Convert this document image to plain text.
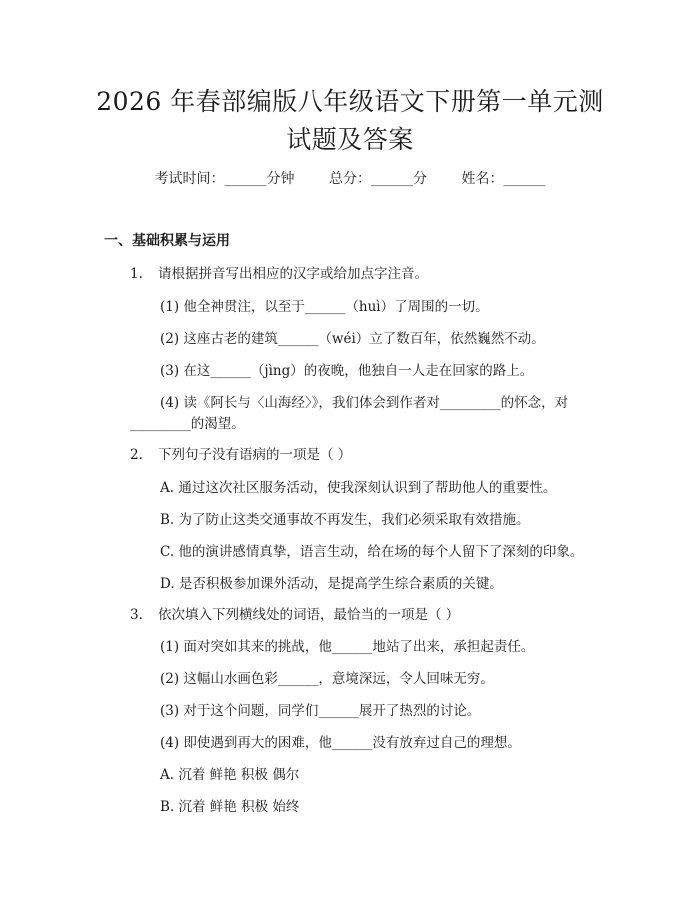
2026 年春部编版八年级语文下册第一单元测
试题及答案
考试时间：______分钟 总分：______分 姓名：______
一、基础积累与运用
1. 请根据拼音写出相应的汉字或给加点字注音。
(1) 他全神贯注，以至于______（huì）了周围的一切。
(2) 这座古老的建筑______（wéi）立了数百年，依然巍然不动。
(3) 在这______（jìng）的夜晚，他独自一人走在回家的路上。
(4) 读《阿长与〈山海经〉》，我们体会到作者对_________的怀念，对
_________的渴望。
2. 下列句子没有语病的一项是（ ）
A. 通过这次社区服务活动，使我深刻认识到了帮助他人的重要性。
B. 为了防止这类交通事故不再发生，我们必须采取有效措施。
C. 他的演讲感情真挚，语言生动，给在场的每个人留下了深刻的印象。
D. 是否积极参加课外活动，是提高学生综合素质的关键。
3. 依次填入下列横线处的词语，最恰当的一项是（ ）
(1) 面对突如其来的挑战，他______地站了出来，承担起责任。
(2) 这幅山水画色彩______，意境深远，令人回味无穷。
(3) 对于这个问题，同学们______展开了热烈的讨论。
(4) 即使遇到再大的困难，他______没有放弃过自己的理想。
A. 沉着 鲜艳 积极 偶尔
B. 沉着 鲜艳 积极 始终
